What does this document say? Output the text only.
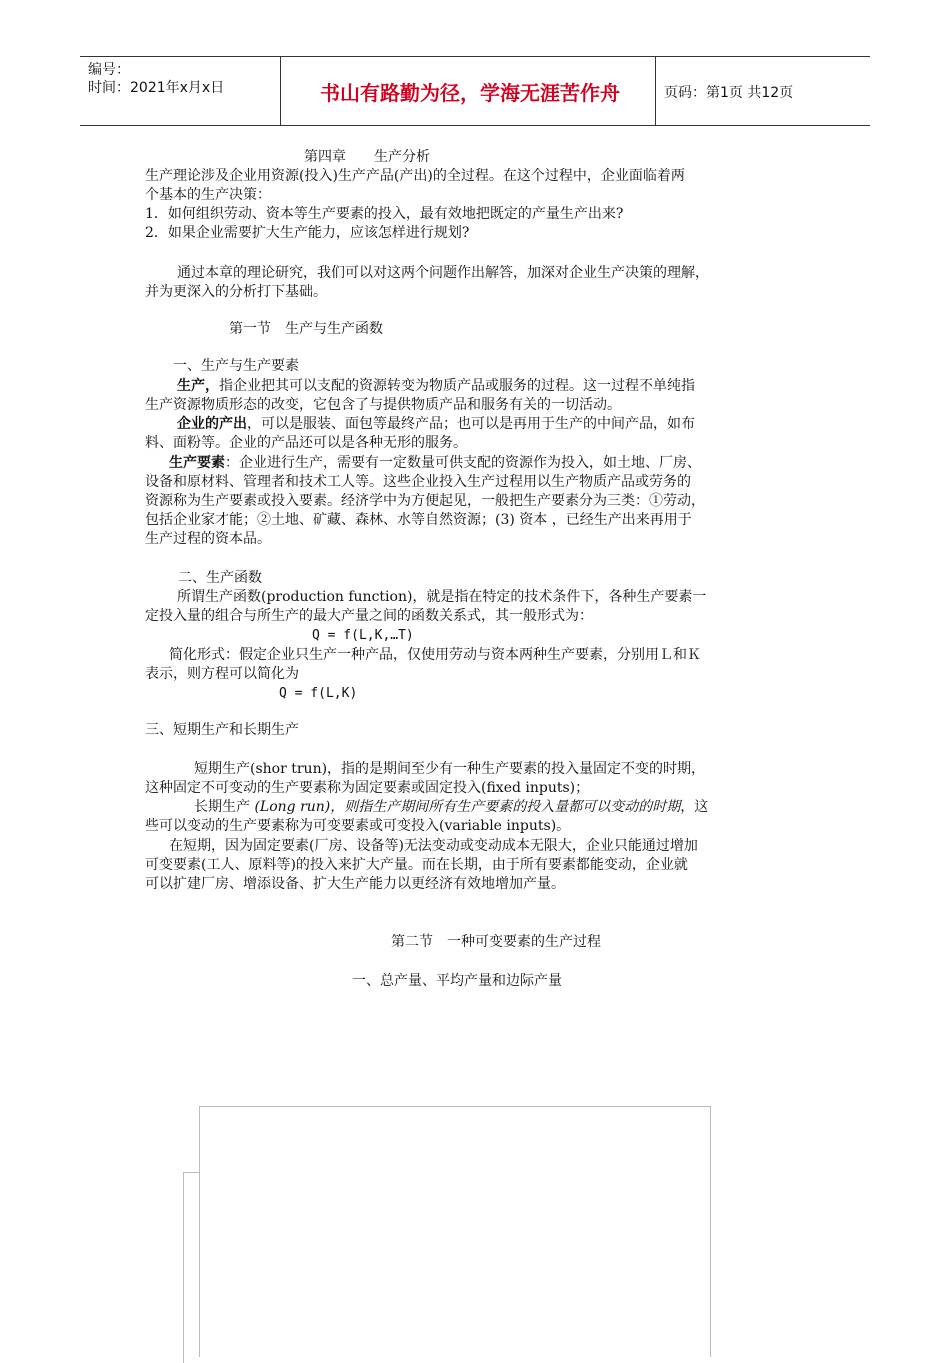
编号：
时间：2021年x月x日	书山有路勤为径，学海无涯苦作舟	页码：第1页 共12页
第四章　　生产分析
生产理论涉及企业用资源(投入)生产产品(产出)的全过程。在这个过程中，企业面临着两
个基本的生产决策：
1．如何组织劳动、资本等生产要素的投入，最有效地把既定的产量生产出来?
2．如果企业需要扩大生产能力，应该怎样进行规划?
通过本章的理论研究，我们可以对这两个问题作出解答，加深对企业生产决策的理解，
并为更深入的分析打下基础。
第一节　生产与生产函数
一、生产与生产要素
生产，指企业把其可以支配的资源转变为物质产品或服务的过程。这一过程不单纯指
生产资源物质形态的改变，它包含了与提供物质产品和服务有关的一切活动。
企业的产出，可以是服装、面包等最终产品；也可以是再用于生产的中间产品，如布
料、面粉等。企业的产品还可以是各种无形的服务。
生产要素：企业进行生产，需要有一定数量可供支配的资源作为投入，如土地、厂房、
设备和原材料、管理者和技术工人等。这些企业投入生产过程用以生产物质产品或劳务的
资源称为生产要素或投入要素。经济学中为方便起见，一般把生产要素分为三类：①劳动，
包括企业家才能；②土地、矿藏、森林、水等自然资源；(3) 资本 ，已经生产出来再用于
生产过程的资本品。
二、生产函数
所谓生产函数(production function)，就是指在特定的技术条件下，各种生产要素一
定投入量的组合与所生产的最大产量之间的函数关系式，其一般形式为：
Q = f(L,K,…T)
简化形式：假定企业只生产一种产品，仅使用劳动与资本两种生产要素，分别用Ｌ和Ｋ
表示，则方程可以简化为
Q = f(L,K)
三、短期生产和长期生产
短期生产(shor trun)，指的是期间至少有一种生产要素的投入量固定不变的时期，
这种固定不可变动的生产要素称为固定要素或固定投入(fixed inputs)；
长期生产 (Long run)，则指生产期间所有生产要素的投入量都可以变动的时期，这
些可以变动的生产要素称为可变要素或可变投入(variable inputs)。
在短期，因为固定要素(厂房、设备等)无法变动或变动成本无限大，企业只能通过增加
可变要素(工人、原料等)的投入来扩大产量。而在长期，由于所有要素都能变动，企业就
可以扩建厂房、增添设备、扩大生产能力以更经济有效地增加产量。
第二节　一种可变要素的生产过程
一、总产量、平均产量和边际产量
